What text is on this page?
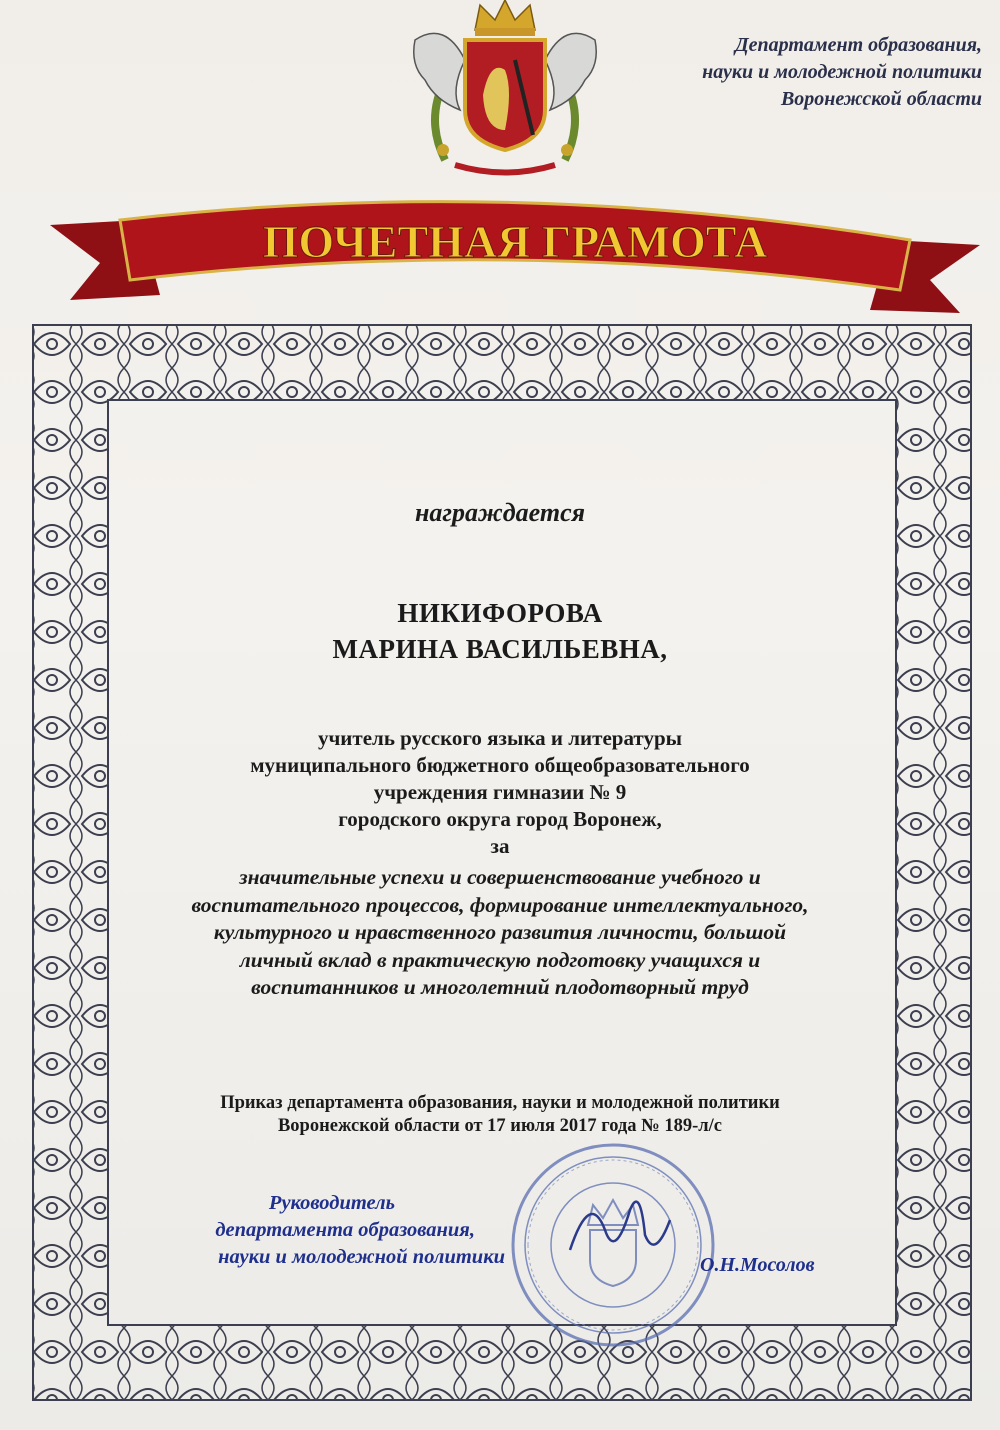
Департамент образования,
науки и молодежной политики
Воронежской области
ПОЧЕТНАЯ ГРАМОТА
награждается
НИКИФОРОВА
МАРИНА ВАСИЛЬЕВНА,
учитель русского языка и литературы
муниципального бюджетного общеобразовательного
учреждения гимназии № 9
городского округа город Воронеж,
за
значительные успехи и совершенствование учебного и
воспитательного процессов, формирование интеллектуального,
культурного и нравственного развития личности, большой
личный вклад в практическую подготовку учащихся и
воспитанников и многолетний плодотворный труд
Приказ департамента образования, науки и молодежной политики
Воронежской области от 17 июля 2017 года № 189-л/с
Руководитель
департамента образования,
науки и молодежной политики	О.Н.Мосолов
